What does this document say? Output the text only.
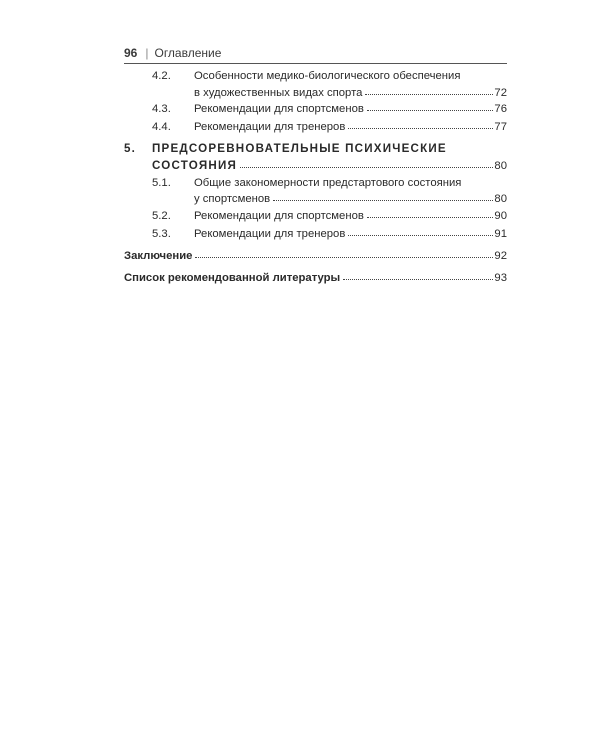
96 | Оглавление
4.2. Особенности медико-биологического обеспечения
в художественных видах спорта	72
4.3. Рекомендации для спортсменов	76
4.4. Рекомендации для тренеров	77
5. ПРЕДСОРЕВНОВАТЕЛЬНЫЕ ПСИХИЧЕСКИЕ
СОСТОЯНИЯ	80
5.1. Общие закономерности предстартового состояния
у спортсменов	80
5.2. Рекомендации для спортсменов	90
5.3. Рекомендации для тренеров	91
Заключение	92
Список рекомендованной литературы	93
